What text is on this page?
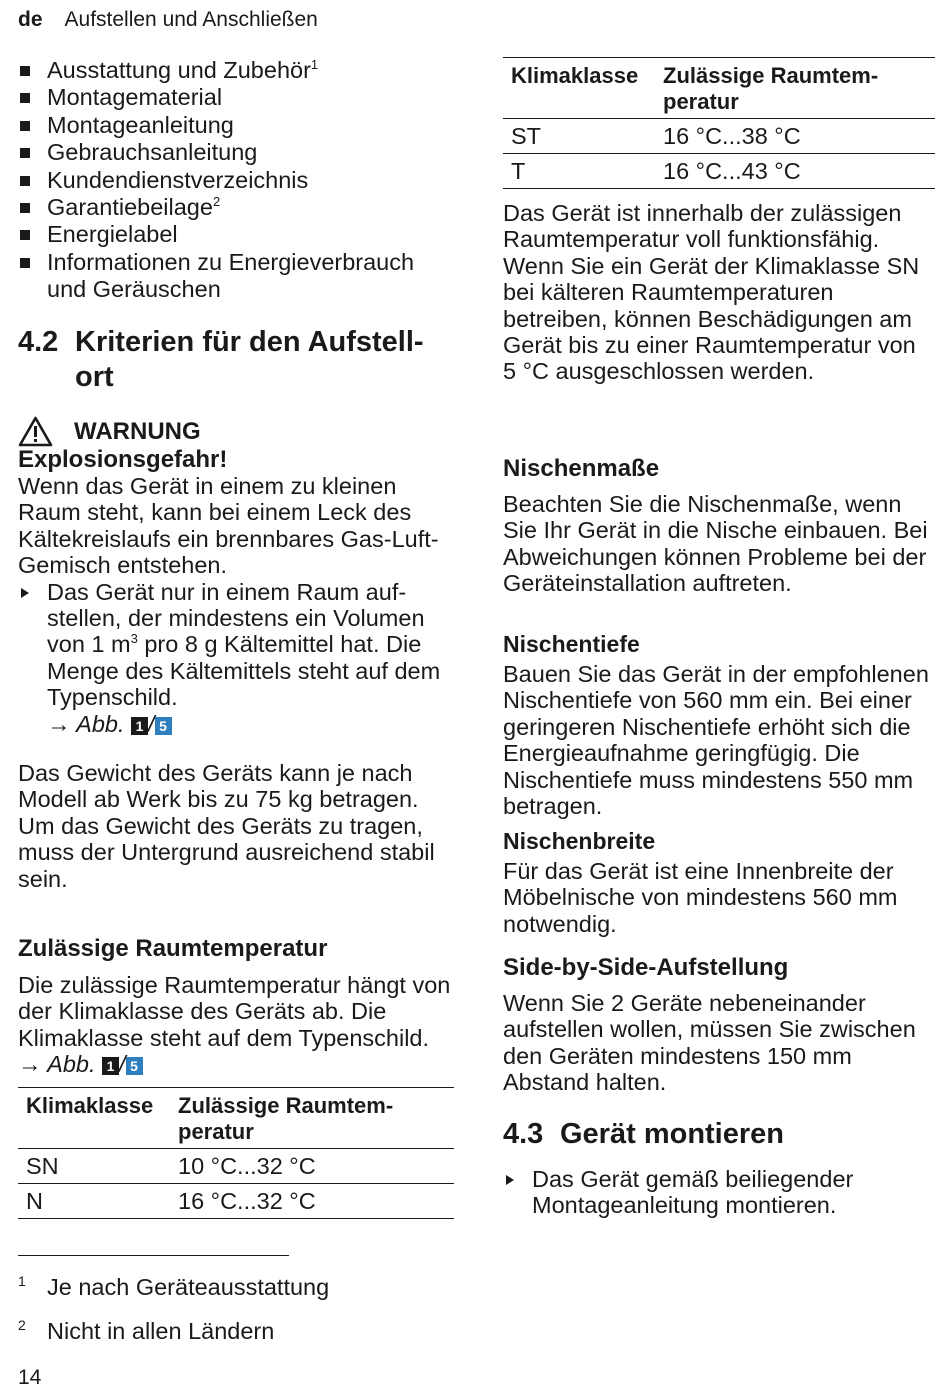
de Aufstellen und Anschließen
Ausstattung und Zubehör$^1$
Montagematerial
Montageanleitung
Gebrauchsanleitung
Kundendienstverzeichnis
Garantiebeilage$^2$
Energielabel
Informationen zu Energieverbrauch und Geräuschen
4.2 Kriterien für den Aufstell-
ort
WARNUNG
Explosionsgefahr!

Wenn das Gerät in einem zu kleinen Raum steht, kann bei einem Leck des Kältekreislaufs ein brennbares Gas-Luft-Gemisch entstehen.

Das Gerät nur in einem Raum aufstellen, der mindestens ein Volumen von 1 $m^3$ pro 8 g Kältemittel hat. Die Menge des Kältemittels steht auf dem Typenschild.
→ Abb. 1 / 5

Das Gewicht des Geräts kann je nach Modell ab Werk bis zu 75 kg betragen.

Um das Gewicht des Geräts zu tragen, muss der Untergrund ausreichend stabil sein.

Zulässige Raumtemperatur

Die zulässige Raumtemperatur hängt von der Klimaklasse des Geräts ab. Die Klimaklasse steht auf dem Typenschild. → Abb. 1 / 5

Klimaklasse	Zulässige Raumtemperatur
SN	10 °C...32 °C
N	16 °C...32 °C
Klimaklasse	Zulässige Raumtemperatur
ST	16 °C...38 °C
T	16 °C...43 °C

Das Gerät ist innerhalb der zulässigen Raumtemperatur voll funktionsfähig.

Wenn Sie ein Gerät der Klimaklasse SN bei kälteren Raumtemperaturen betreiben, können Beschädigungen am Gerät bis zu einer Raumtemperatur von 5 °C ausgeschlossen werden.

Nischenmaße

Beachten Sie die Nischenmaße, wenn Sie Ihr Gerät in die Nische einbauen. Bei Abweichungen können Probleme bei der Geräteinstallation auftreten.

Nischentiefe

Bauen Sie das Gerät in der empfohlenen Nischentiefe von 560 mm ein. Bei einer geringeren Nischentiefe erhöht sich die Energieaufnahme geringfügig. Die Nischentiefe muss mindestens 550 mm betragen.

Nischenbreite

Für das Gerät ist eine Innenbreite der Möbelnische von mindestens 560 mm notwendig.

Side-by-Side-Aufstellung

Wenn Sie 2 Geräte nebeneinander aufstellen wollen, müssen Sie zwischen den Geräten mindestens 150 mm Abstand halten.

4.3 Gerät montieren
Das Gerät gemäß beiliegender Montageanleitung montieren.
1 Je nach Geräteausstattung
2 Nicht in allen Ländern
14
